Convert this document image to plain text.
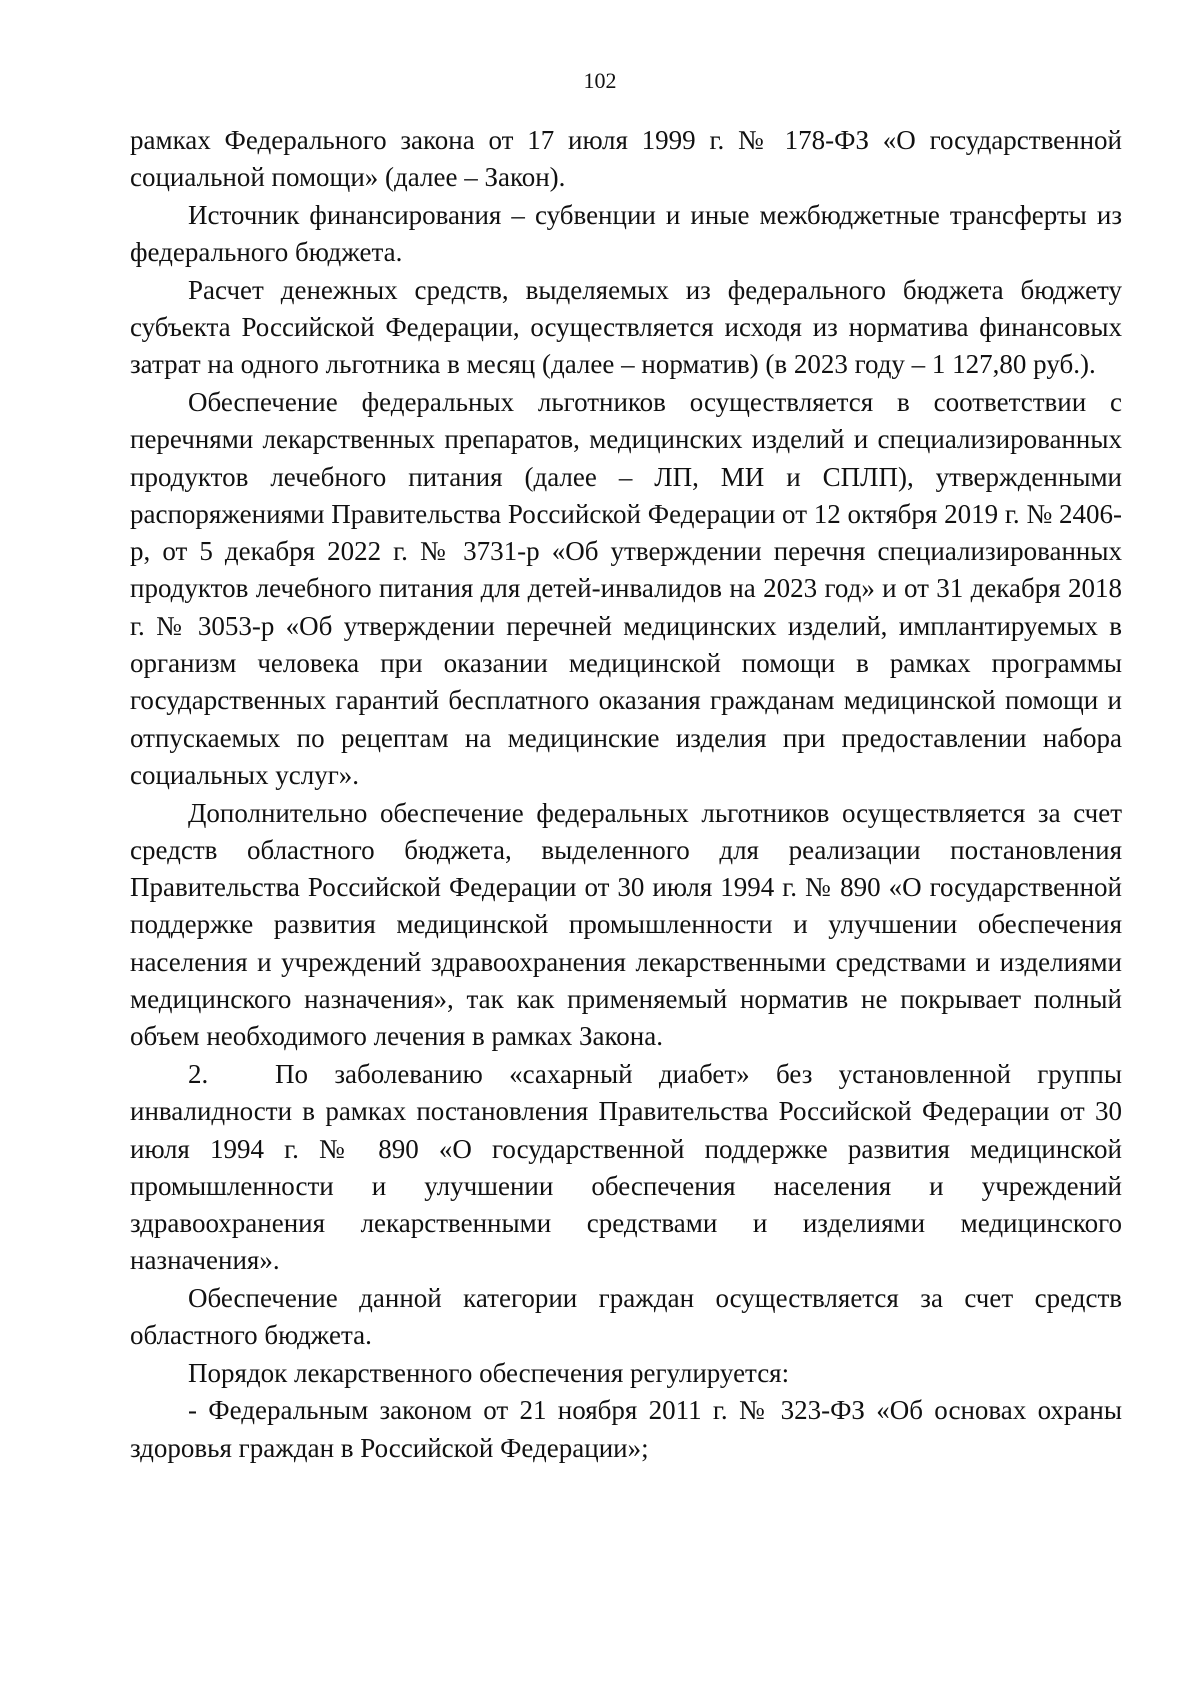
102

рамках Федерального закона от 17 июля 1999 г. № 178-ФЗ «О государственной социальной помощи» (далее – Закон).

Источник финансирования – субвенции и иные межбюджетные трансферты из федерального бюджета.

Расчет денежных средств, выделяемых из федерального бюджета бюджету субъекта Российской Федерации, осуществляется исходя из норматива финансовых затрат на одного льготника в месяц (далее – норматив) (в 2023 году – 1 127,80 руб.).

Обеспечение федеральных льготников осуществляется в соответствии с перечнями лекарственных препаратов, медицинских изделий и специализированных продуктов лечебного питания (далее – ЛП, МИ и СПЛП), утвержденными распоряжениями Правительства Российской Федерации от 12 октября 2019 г. № 2406-р, от 5 декабря 2022 г. № 3731-р «Об утверждении перечня специализированных продуктов лечебного питания для детей-инвалидов на 2023 год» и от 31 декабря 2018 г. № 3053-р «Об утверждении перечней медицинских изделий, имплантируемых в организм человека при оказании медицинской помощи в рамках программы государственных гарантий бесплатного оказания гражданам медицинской помощи и отпускаемых по рецептам на медицинские изделия при предоставлении набора социальных услуг».

Дополнительно обеспечение федеральных льготников осуществляется за счет средств областного бюджета, выделенного для реализации постановления Правительства Российской Федерации от 30 июля 1994 г. № 890 «О государственной поддержке развития медицинской промышленности и улучшении обеспечения населения и учреждений здравоохранения лекарственными средствами и изделиями медицинского назначения», так как применяемый норматив не покрывает полный объем необходимого лечения в рамках Закона.

2. По заболеванию «сахарный диабет» без установленной группы инвалидности в рамках постановления Правительства Российской Федерации от 30 июля 1994 г. № 890 «О государственной поддержке развития медицинской промышленности и улучшении обеспечения населения и учреждений здравоохранения лекарственными средствами и изделиями медицинского назначения».

Обеспечение данной категории граждан осуществляется за счет средств областного бюджета.

Порядок лекарственного обеспечения регулируется:

- Федеральным законом от 21 ноября 2011 г. № 323-ФЗ «Об основах охраны здоровья граждан в Российской Федерации»;
